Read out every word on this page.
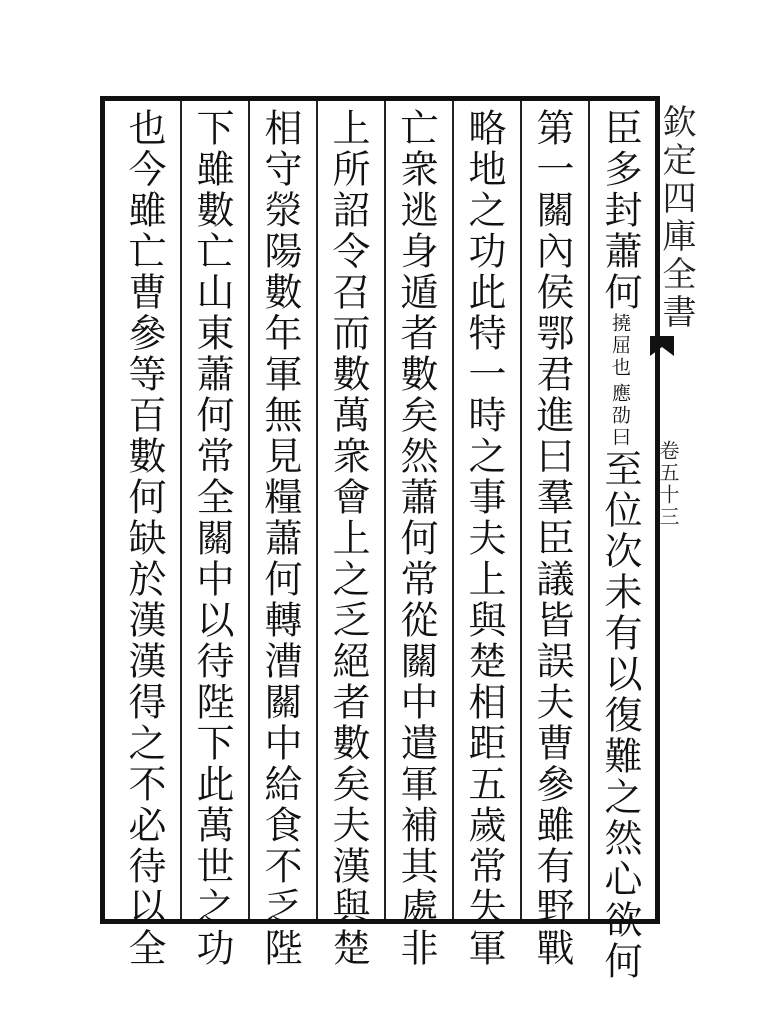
欽定四庫全書
卷五十三
臣多封蕭何
應劭曰
撓屈也
至位次未有以復難之然心欲何
第一關內侯鄂君進曰羣臣議皆誤夫曹參雖有野戰
略地之功此特一時之事夫上與楚相距五歲常失軍
亡衆逃身遁者數矣然蕭何常從關中遣軍補其處非
上所詔令召而數萬衆會上之乏絕者數矣夫漢與楚
相守滎陽數年軍無見糧蕭何轉漕關中給食不乏陛
下雖數亡山東蕭何常全關中以待陛下此萬世之功
也今雖亡曹參等百數何缺於漢漢得之不必待以全
